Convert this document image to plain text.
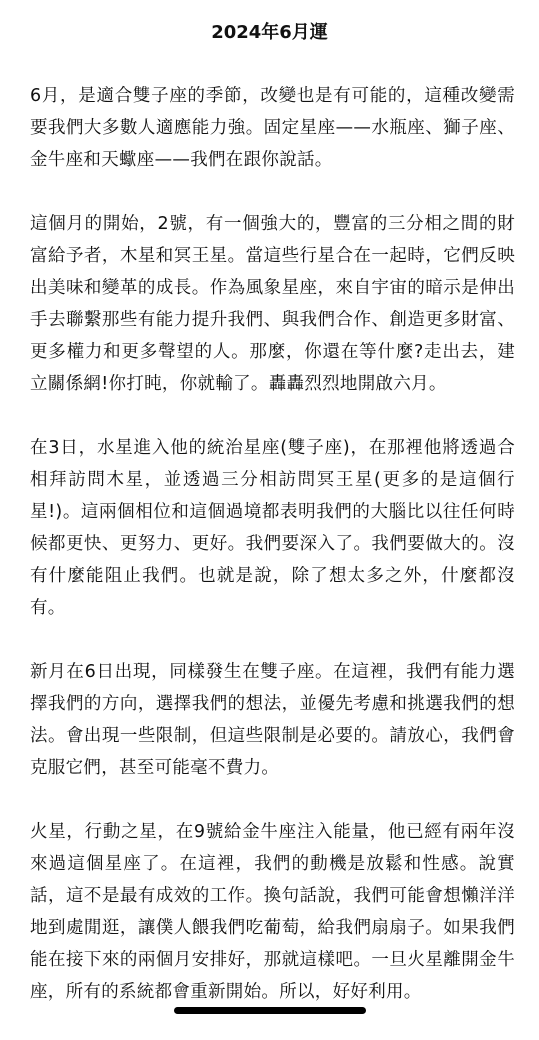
2024年6月運

6月，是適合雙子座的季節，改變也是有可能的，這種改變需要我們大多數人適應能力強。固定星座——水瓶座、獅子座、金牛座和天蠍座——我們在跟你說話。

這個月的開始，2號，有一個強大的，豐富的三分相之間的財富給予者，木星和冥王星。當這些行星合在一起時，它們反映出美味和變革的成長。作為風象星座，來自宇宙的暗示是伸出手去聯繫那些有能力提升我們、與我們合作、創造更多財富、更多權力和更多聲望的人。那麼，你還在等什麼?走出去，建立關係網!你打盹，你就輸了。轟轟烈烈地開啟六月。

在3日，水星進入他的統治星座(雙子座)，在那裡他將透過合相拜訪問木星，並透過三分相訪問冥王星(更多的是這個行星!)。這兩個相位和這個過境都表明我們的大腦比以往任何時候都更快、更努力、更好。我們要深入了。我們要做大的。沒有什麼能阻止我們。也就是說，除了想太多之外，什麼都沒有。

新月在6日出現，同樣發生在雙子座。在這裡，我們有能力選擇我們的方向，選擇我們的想法，並優先考慮和挑選我們的想法。會出現一些限制，但這些限制是必要的。請放心，我們會克服它們，甚至可能毫不費力。

火星，行動之星，在9號給金牛座注入能量，他已經有兩年沒來過這個星座了。在這裡，我們的動機是放鬆和性感。說實話，這不是最有成效的工作。換句話說，我們可能會想懶洋洋地到處閒逛，讓僕人餵我們吃葡萄，給我們扇扇子。如果我們能在接下來的兩個月安排好，那就這樣吧。一旦火星離開金牛座，所有的系統都會重新開始。所以，好好利用。
